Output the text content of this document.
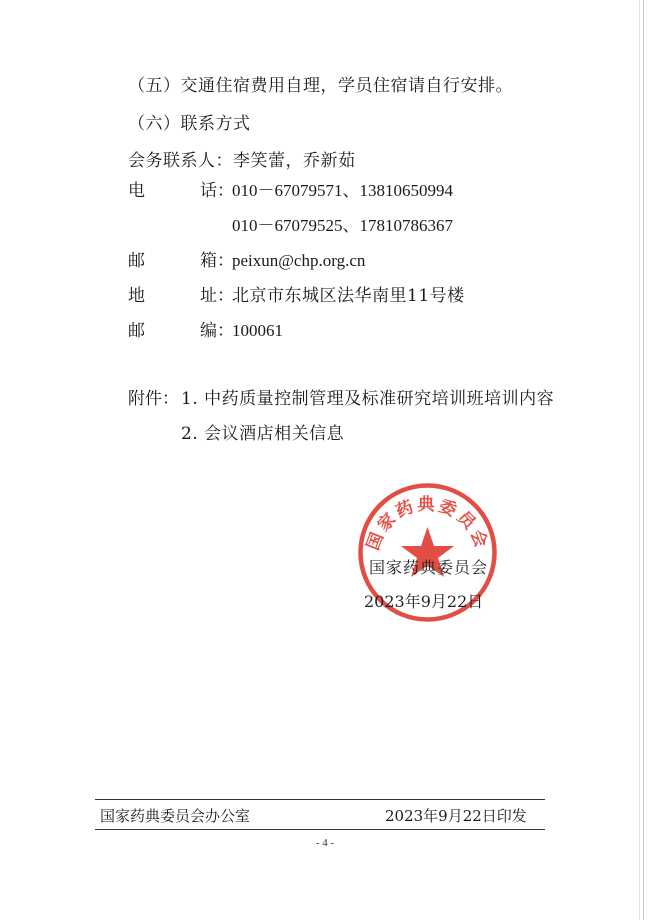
（五）交通住宿费用自理，学员住宿请自行安排。
（六）联系方式
会务联系人：李笑蕾，乔新茹
电	话：
010－67079571、13810650994
010－67079525、17810786367
邮	箱：
peixun@chp.org.cn
地	址：
北京市东城区法华南里11号楼
邮	编：
100061
附件： 1. 中药质量控制管理及标准研究培训班培训内容
2. 会议酒店相关信息
国家药典委员会
国家药典委员会
2023年9月22日
国家药典委员会办公室	2023年9月22日印发
- 4 -
